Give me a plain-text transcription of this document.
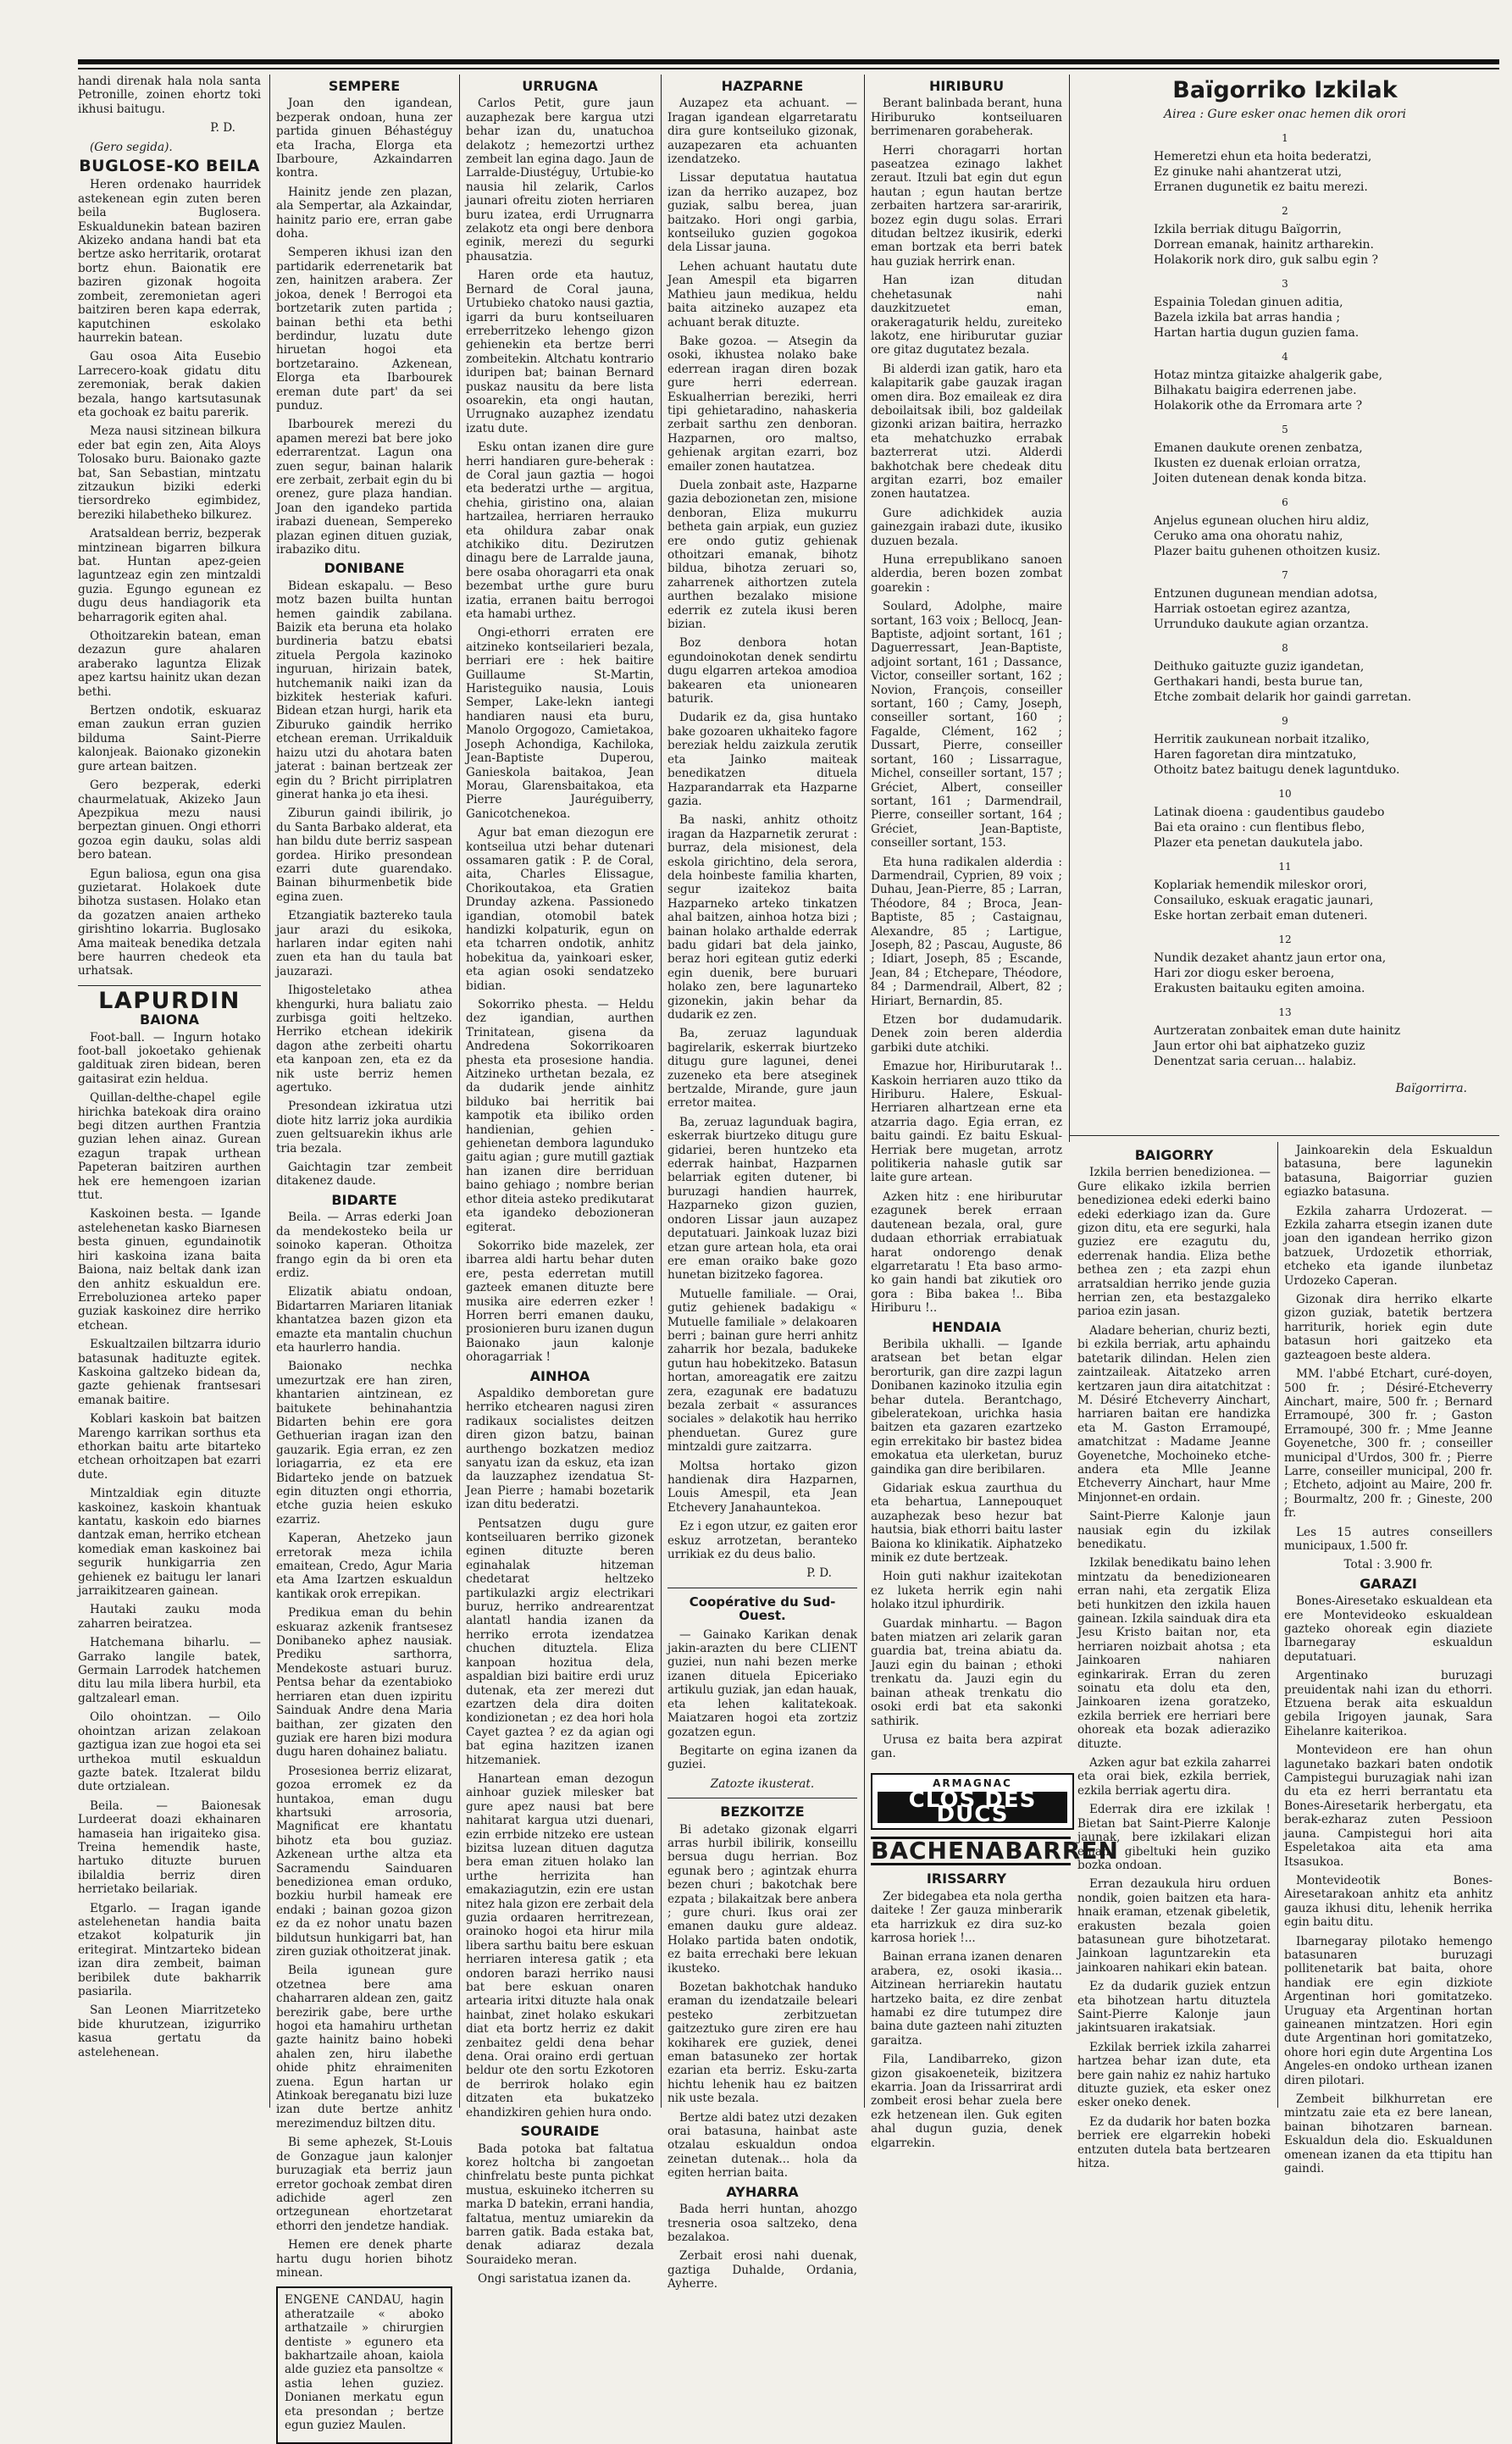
handi direnak hala nola santa Petronille, zoinen ehortz toki ikhusi baitugu.

P. D.

(Gero segida).

BUGLOSE-KO BEILA

Heren ordenako haurridek astekenean egin zuten beren beila Buglosera. Eskualdunekin batean baziren Akizeko andana handi bat eta bertze asko herritarik, orotarat bortz ehun. Baionatik ere baziren gizonak hogoita zombeit, zeremonietan ageri baitziren beren kapa ederrak, kaputchinen eskolako haurrekin batean.

Gau osoa Aita Eusebio Larrecero-koak gidatu ditu zeremoniak, berak dakien bezala, hango kartsutasunak eta gochoak ez baitu parerik.

Meza nausi sitzinean bilkura eder bat egin zen, Aita Aloys Tolosako buru. Baionako gazte bat, San Sebastian, mintzatu zitzaukun biziki ederki tiersordreko egimbidez, bereziki hilabetheko bilkurez.

Aratsaldean berriz, bezperak mintzinean bigarren bilkura bat. Huntan apez-geien laguntzeaz egin zen mintzaldi guzia. Egungo egunean ez dugu deus handiagorik eta beharragorik egiten ahal.

Othoitzarekin batean, eman dezazun gure ahalaren araberako laguntza Elizak apez kartsu hainitz ukan dezan bethi.

Bertzen ondotik, eskuaraz eman zaukun erran guzien bilduma Saint-Pierre kalonjeak. Baionako gizonekin gure artean baitzen.

Gero bezperak, ederki chaurmelatuak, Akizeko Jaun Apezpikua mezu nausi berpeztan ginuen. Ongi ethorri gozoa egin dauku, solas aldi bero batean.

Egun baliosa, egun ona gisa guzietarat. Holakoek dute bihotza sustasen. Holako etan da gozatzen anaien artheko girishtino lokarria. Buglosako Ama maiteak benedika detzala bere haurren chedeok eta urhatsak.

LAPURDIN
BAIONA

Foot-ball. — Ingurn hotako foot-ball jokoetako gehienak galdituak ziren bidean, beren gaitasirat ezin heldua.

Quillan-delthe-chapel egile hirichka batekoak dira oraino begi ditzen aurthen Frantzia guzian lehen ainaz. Gurean ezagun trapak urthean Papeteran baitziren aurthen hek ere hemengoen izarian ttut.

Kaskoinen besta. — Igande astelehenetan kasko Biarnesen besta ginuen, egundainotik hiri kaskoina izana baita Baiona, naiz beltak dank izan den anhitz eskualdun ere. Erreboluzionea arteko paper guziak kaskoinez dire herriko etchean.

Eskualtzailen biltzarra idurio batasunak hadituzte egitek. Kaskoina galtzeko bidean da, gazte gehienak frantsesari emanak baitire.

Koblari kaskoin bat baitzen Marengo karrikan sorthus eta ethorkan baitu arte bitarteko etchean orhoitzapen bat ezarri dute.

Mintzaldiak egin dituzte kaskoinez, kaskoin khantuak kantatu, kaskoin edo biarnes dantzak eman, herriko etchean komediak eman kaskoinez bai segurik hunkigarria zen gehienek ez baitugu ler lanari jarraikitzearen gainean.

Hautaki zauku moda zaharren beiratzea.

Hatchemana biharlu. — Garrako langile batek, Germain Larrodek hatchemen ditu lau mila libera hurbil, eta galtzalearl eman.

Oilo ohointzan. — Oilo ohointzan arizan zelakoan gaztigua izan zue hogoi eta sei urthekoa mutil eskualdun gazte batek. Itzalerat bildu dute ortzialean.

Beila. — Baionesak Lurdeerat doazi ekhainaren hamaseia han irigaiteko gisa. Treina hemendik haste, hartuko dituzte buruen ibilaldia berriz diren herrietako beilariak.

Etgarlo. — Iragan igande astelehenetan handia baita etzakot kolpaturik jin eritegirat. Mintzarteko bidean izan dira zembeit, baiman beribilek dute bakharrik pasiarila.

San Leonen Miarritzeteko bide khurutzean, izigurriko kasua gertatu da astelehenean.

SEMPERE

Joan den igandean, bezperak ondoan, huna zer partida ginuen Béhastéguy eta Iracha, Elorga eta Ibarboure, Azkaindarren kontra.

Hainitz jende zen plazan, ala Sempertar, ala Azkaindar, hainitz pario ere, erran gabe doha.

Semperen ikhusi izan den partidarik ederrenetarik bat zen, hainitzen arabera. Zer jokoa, denek ! Berrogoi eta bortzetarik zuten partida ; bainan bethi eta bethi berdindur, luzatu dute hiruetan hogoi eta bortzetaraino. Azkenean, Elorga eta Ibarbourek ereman dute part' da sei punduz.

Ibarbourek merezi du apamen merezi bat bere joko ederrarentzat. Lagun ona zuen segur, bainan halarik ere zerbait, zerbait egin du bi orenez, gure plaza handian. Joan den igandeko partida irabazi duenean, Sempereko plazan eginen dituen guziak, irabaziko ditu.

DONIBANE

Bidean eskapalu. — Beso motz bazen builta huntan hemen gaindik zabilana. Baizik eta beruna eta holako burdineria batzu ebatsi zituela Pergola kazinoko inguruan, hirizain batek, hutchemanik naiki izan da bizkitek hesteriak kafuri. Bidean etzan hurgi, harik eta Ziburuko gaindik herriko etchean ereman. Urrikalduik haizu utzi du ahotara baten jaterat : bainan bertzeak zer egin du ? Bricht pirriplatren ginerat hanka jo eta ihesi.

Ziburun gaindi ibilirik, jo du Santa Barbako alderat, eta han bildu dute berriz saspean gordea. Hiriko presondean ezarri dute guarendako. Bainan bihurmenbetik bide egina zuen.

Etzangiatik baztereko taula jaur arazi du esikoka, harlaren indar egiten nahi zuen eta han du taula bat jauzarazi.

Ihigosteletako athea khengurki, hura baliatu zaio zurbisga goiti heltzeko. Herriko etchean idekirik dagon athe zerbeiti ohartu eta kanpoan zen, eta ez da nik uste berriz hemen agertuko.

Presondean izkiratua utzi diote hitz larriz joka aurdikia zuen geltsuarekin ikhus arle tria bezala.

Gaichtagin tzar zembeit ditakenez daude.

BIDARTE

Beila. — Arras ederki Joan da mendekosteko beila ur soinoko kaperan. Othoitza frango egin da bi oren eta erdiz.

Elizatik abiatu ondoan, Bidartarren Mariaren litaniak khantatzea bazen gizon eta emazte eta mantalin chuchun eta haurlerro handia.

Baionako nechka umezurtzak ere han ziren, khantarien aintzinean, ez baitukete behinahantzia Bidarten behin ere gora Gethuerian iragan izan den gauzarik. Egia erran, ez zen loriagarria, ez eta ere Bidarteko jende on batzuek egin dituzten ongi ethorria, etche guzia heien eskuko ezarriz.

Kaperan, Ahetzeko jaun erretorak meza ichila emaitean, Credo, Agur Maria eta Ama Izartzen eskualdun kantikak orok errepikan.

Predikua eman du behin eskuaraz azkenik frantsesez Donibaneko aphez nausiak. Prediku sarthorra, Mendekoste astuari buruz. Pentsa behar da ezentabioko herriaren etan duen izpiritu Sainduak Andre dena Maria baithan, zer gizaten den guziak ere haren bizi modura dugu haren dohainez baliatu.

Prosesionea berriz elizarat, gozoa erromek ez da huntakoa, eman dugu khartsuki arrosoria, Magnificat ere khantatu bihotz eta bou guziaz. Azkenean urthe altza eta Sacramendu Sainduaren benedizionea eman orduko, bozkiu hurbil hameak ere endaki ; bainan gozoa gizon ez da ez nohor unatu bazen bildutsun hunkigarri bat, han ziren guziak othoitzerat jinak.

Beila igunean gure otzetnea bere ama chaharraren aldean zen, gaitz berezirik gabe, bere urthe hogoi eta hamahiru urthetan gazte hainitz baino hobeki ahalen zen, hiru ilabethe ohide phitz ehraimeniten zuena. Egun hartan ur Atinkoak bereganatu bizi luze izan dute bertze anhitz merezimenduz biltzen ditu.

Bi seme aphezek, St-Louis de Gonzague jaun kalonjer buruzagiak eta berriz jaun erretor gochoak zembat diren adichide agerl zen ortzegunean ehortzetarat ethorri den jendetze handiak.

Hemen ere denek pharte hartu dugu horien bihotz minean.

ENGENE CANDAU, hagin atheratzaile « aboko arthatzaile » chirurgien dentiste » egunero eta bakhartzaile ahoan, kaiola alde guziez eta pansoltze « astia lehen guziez. Donianen merkatu egun eta presondan ; bertze egun guziez Maulen.

URRUGNA

Carlos Petit, gure jaun auzaphezak bere kargua utzi behar izan du, unatuchoa delakotz ; hemezortzi urthez zembeit lan egina dago. Jaun de Larralde-Diustéguy, Urtubie-ko nausia hil zelarik, Carlos jaunari ofreitu zioten herriaren buru izatea, erdi Urrugnarra zelakotz eta ongi bere denbora eginik, merezi du segurki phausatzia.

Haren orde eta hautuz, Bernard de Coral jauna, Urtubieko chatoko nausi gaztia, igarri da buru kontseiluaren erreberritzeko lehengo gizon gehienekin eta bertze berri zombeitekin. Altchatu kontrario iduripen bat; bainan Bernard puskaz nausitu da bere lista osoarekin, eta ongi hautan, Urrugnako auzaphez izendatu izatu dute.

Esku ontan izanen dire gure herri handiaren gure-beherak : de Coral jaun gaztia — hogoi eta bederatzi urthe — argitua, chehia, giristino ona, alaian hartzailea, herriaren herrauko eta ohildura zabar onak atchikiko ditu. Dezirutzen dinagu bere de Larralde jauna, bere osaba ohoragarri eta onak bezembat urthe gure buru izatia, erranen baitu berrogoi eta hamabi urthez.

Ongi-ethorri erraten ere aitzineko kontseilarieri bezala, berriari ere : hek baitire Guillaume St-Martin, Haristeguiko nausia, Louis Semper, Lake-lekn iantegi handiaren nausi eta buru, Manolo Orgogozo, Camietakoa, Joseph Achondiga, Kachiloka, Jean-Baptiste Duperou, Ganieskola baitakoa, Jean Morau, Glarensbaitakoa, eta Pierre Jauréguiberry, Ganicotchenekoa.

Agur bat eman diezogun ere kontseilua utzi behar dutenari ossamaren gatik : P. de Coral, aita, Charles Elissague, Chorikoutakoa, eta Gratien Drunday azkena. Passionedo igandian, otomobil batek handizki kolpaturik, egun on eta tcharren ondotik, anhitz hobekitua da, yainkoari esker, eta agian osoki sendatzeko bidian.

Sokorriko phesta. — Heldu dez igandian, aurthen Trinitatean, gisena da Andredena Sokorrikoaren phesta eta prosesione handia. Aitzineko urthetan bezala, ez da dudarik jende ainhitz bilduko bai herritik bai kampotik eta ibiliko orden handienian, gehien - gehienetan dembora lagunduko gaitu agian ; gure mutill gaztiak han izanen dire berriduan baino gehiago ; nombre berian ethor diteia asteko predikutarat eta igandeko debozioneran egiterat.

Sokorriko bide mazelek, zer ibarrea aldi hartu behar duten ere, pesta ederretan mutill gazteek emanen dituzte bere musika aire ederren ezker ! Horren berri emanen dauku, prosionieren buru izanen dugun Baionako jaun kalonje ohoragarriak !

AINHOA

Aspaldiko demboretan gure herriko etchearen nagusi ziren radikaux socialistes deitzen diren gizon batzu, bainan aurthengo bozkatzen medioz sanyatu izan da eskuz, eta izan da lauzzaphez izendatua St-Jean Pierre ; hamabi bozetarik izan ditu bederatzi.

Pentsatzen dugu gure kontseiluaren berriko gizonek eginen dituzte beren eginahalak hitzeman chedetarat heltzeko partikulazki argiz electrikari buruz, herriko andrearentzat alantatl handia izanen da herriko errota izendatzea chuchen dituztela. Eliza kanpoan hozitua dela, aspaldian bizi baitire erdi uruz dutenak, eta zer merezi dut ezartzen dela dira doiten kondizionetan ; ez dea hori hola Cayet gaztea ? ez da agian ogi bat egina hazitzen izanen hitzemaniek.

Hanartean eman dezogun ainhoar guziek milesker bat gure apez nausi bat bere nahitarat kargua utzi duenari, ezin errbide nitzeko ere ustean bizitsa luzean dituen dagutza bera eman zituen holako lan urthe herrizita han emakaziagutzin, ezin ere ustan nitez hala gizon ere zerbait dela guzia ordaaren herritrezean, orainoko hogoi eta hirur mila libera sarthu baitu bere eskuan herriaren interesa gatik ; eta ondoren barazi herriko nausi bat bere eskuan onaren artearia iritxi dituzte hala onak hainbat, zinet holako eskukari diat eta bortz herriz ez dakit zenbaitez geldi dena behar dena. Orai oraino erdi gertuan beldur ote den sortu Ezkotoren de berrirok holako egin ditzaten eta bukatzeko ehandizkiren gehien hura ondo.

SOURAIDE

Bada potoka bat faltatua korez holtcha bi zangoetan chinfrelatu beste punta pichkat mustua, eskuineko itcherren su marka D batekin, errani handia, faltatua, mentuz umiarekin da barren gatik. Bada estaka bat, denak adiaraz dezala Souraideko meran.

Ongi saristatua izanen da.

HAZPARNE

Auzapez eta achuant. — Iragan igandean elgarretaratu dira gure kontseiluko gizonak, auzapezaren eta achuanten izendatzeko.

Lissar deputatua hautatua izan da herriko auzapez, boz guziak, salbu berea, juan baitzako. Hori ongi garbia, kontseiluko guzien gogokoa dela Lissar jauna.

Lehen achuant hautatu dute Jean Amespil eta bigarren Mathieu jaun medikua, heldu baita aitzineko auzapez eta achuant berak dituzte.

Bake gozoa. — Atsegin da osoki, ikhustea nolako bake ederrean iragan diren bozak gure herri ederrean. Eskualherrian bereziki, herri tipi gehietaradino, nahaskeria zerbait sarthu zen denboran. Hazparnen, oro maltso, gehienak argitan ezarri, boz emailer zonen hautatzea.

Duela zonbait aste, Hazparne gazia debozionetan zen, misione denboran, Eliza mukurru betheta gain arpiak, eun guziez ere ondo gutiz gehienak othoitzari emanak, bihotz bildua, bihotza zeruari so, zaharrenek aithortzen zutela aurthen bezalako misione ederrik ez zutela ikusi beren bizian.

Boz denbora hotan egundoinokotan denek sendirtu dugu elgarren artekoa amodioa bakearen eta unionearen baturik.

Dudarik ez da, gisa huntako bake gozoaren ukhaiteko fagore bereziak heldu zaizkula zerutik eta Jainko maiteak benedikatzen dituela Hazparandarrak eta Hazparne gazia.

Ba naski, anhitz othoitz iragan da Hazparnetik zerurat : burraz, dela misionest, dela eskola girichtino, dela serora, dela hoinbeste familia kharten, segur izaitekoz baita Hazparneko arteko tinkatzen ahal baitzen, ainhoa hotza bizi ; bainan holako arthalde ederrak badu gidari bat dela jainko, beraz hori egitean gutiz ederki egin duenik, bere buruari holako zen, bere lagunarteko gizonekin, jakin behar da dudarik ez zen.

Ba, zeruaz lagunduak bagirelarik, eskerrak biurtzeko ditugu gure lagunei, denei zuzeneko eta bere atseginek bertzalde, Mirande, gure jaun erretor maitea.

Ba, zeruaz lagunduak bagira, eskerrak biurtzeko ditugu gure gidariei, beren huntzeko eta ederrak hainbat, Hazparnen belarriak egiten dutener, bi buruzagi handien haurrek, Hazparneko gizon guzien, ondoren Lissar jaun auzapez deputatuari. Jainkoak luzaz bizi etzan gure artean hola, eta orai ere eman oraiko bake gozo hunetan bizitzeko fagorea.

Mutuelle familiale. — Orai, gutiz gehienek badakigu « Mutuelle familiale » delakoaren berri ; bainan gure herri anhitz zaharrik hor bezala, badukeke gutun hau hobekitzeko. Batasun hortan, amoreagatik ere zaitzu zera, ezagunak ere badatuzu bezala zerbait « assurances sociales » delakotik hau herriko phenduetan. Gurez gure mintzaldi gure zaitzarra.

Moltsa hortako gizon handienak dira Hazparnen, Louis Amespil, eta Jean Etchevery Janahauntekoa.

Ez i egon utzur, ez gaiten eror eskuz arrotzetan, beranteko urrikiak ez du deus balio.

P. D.

Coopérative du Sud-Ouest.

— Gainako Karikan denak jakin-arazten du bere CLIENT guziei, nun nahi bezen merke izanen dituela Epiceriako artikulu guziak, jan edan hauak, eta lehen kalitatekoak. Maiatzaren hogoi eta zortziz gozatzen egun.

Begitarte on egina izanen da guziei.

Zatozte ikusterat.

BEZKOITZE

Bi adetako gizonak elgarri arras hurbil ibilirik, konseillu bersua dugu herrian. Boz egunak bero ; agintzak ehurra bezen churi ; bakotchak bere ezpata ; bilakaitzak bere anbera ; gure churi. Ikus orai zer emanen dauku gure aldeaz. Holako partida baten ondotik, ez baita errechaki bere lekuan ikusteko.

Bozetan bakhotchak handuko eraman du izendatzaile beleari pesteko zerbitzuetan gaitzeztuko gure ziren ere hau kokiharek ere guziek, denei eman batasuneko zer hortak ezarian eta berriz. Esku-zarta hichtu lehenik hau ez baitzen nik uste bezala.

Bertze aldi batez utzi dezaken orai batasuna, hainbat aste otzalau eskualdun ondoa zeinetan dutenak... hola da egiten herrian baita.

AYHARRA

Bada herri huntan, ahozgo tresneria osoa saltzeko, dena bezalakoa.

Zerbait erosi nahi duenak, gaztiga Duhalde, Ordania, Ayherre.

HIRIBURU

Berant balinbada berant, huna Hiriburuko kontseiluaren berrimenaren gorabeherak.

Herri choragarri hortan paseatzea ezinago lakhet zeraut. Itzuli bat egin dut egun hautan ; egun hautan bertze zerbaiten hartzera sar-araririk, bozez egin dugu solas. Errari ditudan beltzez ikusirik, ederki eman bortzak eta berri batek hau guziak herrirk enan.

Han izan ditudan chehetasunak nahi dauzkitzuetet eman, orakeragaturik heldu, zureiteko lakotz, ene hiriburutar guziar ore gitaz dugutatez bezala.

Bi alderdi izan gatik, haro eta kalapitarik gabe gauzak iragan omen dira. Boz emaileak ez dira deboilaitsak ibili, boz galdeilak gizonki arizan baitira, herrazko eta mehatchuzko errabak bazterrerat utzi. Alderdi bakhotchak bere chedeak ditu argitan ezarri, boz emailer zonen hautatzea.

Gure adichkidek auzia gainezgain irabazi dute, ikusiko duzuen bezala.

Huna errepublikano sanoen alderdia, beren bozen zombat goarekin :

Soulard, Adolphe, maire sortant, 163 voix ; Bellocq, Jean-Baptiste, adjoint sortant, 161 ; Daguerressart, Jean-Baptiste, adjoint sortant, 161 ; Dassance, Victor, conseiller sortant, 162 ; Novion, François, conseiller sortant, 160 ; Camy, Joseph, conseiller sortant, 160 ; Fagalde, Clément, 162 ; Dussart, Pierre, conseiller sortant, 160 ; Lissarrague, Michel, conseiller sortant, 157 ; Gréciet, Albert, conseiller sortant, 161 ; Darmendrail, Pierre, conseiller sortant, 164 ; Gréciet, Jean-Baptiste, conseiller sortant, 153.

Eta huna radikalen alderdia : Darmendrail, Cyprien, 89 voix ; Duhau, Jean-Pierre, 85 ; Larran, Théodore, 84 ; Broca, Jean-Baptiste, 85 ; Castaignau, Alexandre, 85 ; Lartigue, Joseph, 82 ; Pascau, Auguste, 86 ; Idiart, Joseph, 85 ; Escande, Jean, 84 ; Etchepare, Théodore, 84 ; Darmendrail, Albert, 82 ; Hiriart, Bernardin, 85.

Etzen bor dudamudarik. Denek zoin beren alderdia garbiki dute atchiki.

Emazue hor, Hiriburutarak !.. Kaskoin herriaren auzo ttiko da Hiriburu. Halere, Eskual-Herriaren alhartzean erne eta atzarria dago. Egia erran, ez baitu gaindi. Ez baitu Eskual-Herriak bere mugetan, arrotz politikeria nahasle gutik sar laite gure artean.

Azken hitz : ene hiriburutar ezagunek berek erraan dautenean bezala, oral, gure dudaan ethorriak errabiatuak harat ondorengo denak elgarretaratu ! Eta baso armo-ko gain handi bat zikutiek oro gora : Biba bakea !.. Biba Hiriburu !..

HENDAIA

Beribila ukhalli. — Igande aratsean bet betan elgar berorturik, gan dire zazpi lagun Donibanen kazinoko itzulia egin behar dutela. Berantchago, gibeleratekoan, urichka hasia baitzen eta gazaren ezartzeko egin errekitako bir bastez bidea emokatua eta ulerketan, buruz gaindika gan dire beribilaren.

Gidariak eskua zaurthua du eta behartua, Lannepouquet auzaphezak beso hezur bat hautsia, biak ethorri baitu laster Baiona ko klinikatik. Aiphatzeko minik ez dute bertzeak.

Hoin guti nakhur izaitekotan ez luketa herrik egin nahi holako itzul iphurdirik.

Guardak minhartu. — Bagon baten miatzen ari zelarik garan guardia bat, treina abiatu da. Jauzi egin du bainan ; ethoki trenkatu da. Jauzi egin du bainan atheak trenkatu dio osoki erdi bat eta sakonki sathirik.

Urusa ez baita bera azpirat gan.

ARMAGNAC
CLOS DES DUCS
BACHENABARREN
IRISSARRY

Zer bidegabea eta nola gertha daiteke ! Zer gauza minberarik eta harrizkuk ez dira suz-ko karrosa horiek !...

Bainan errana izanen denaren arabera, ez, osoki ikasia... Aitzinean herriarekin hautatu hartzeko baita, ez dire zenbat hamabi ez dire tutumpez dire baina dute gazteen nahi zituzten garaitza.

Fila, Landibarreko, gizon gizon gisakoeneteik, bizitzera ekarria. Joan da Irissarrirat ardi zombeit erosi behar zuela bere ezk hetzenean ilen. Guk egiten ahal dugun guzia, denek elgarrekin.

Baïgorriko Izkilak
Airea : Gure esker onac hemen dik orori
1

Hemeretzi ehun eta hoita bederatzi,

Ez ginuke nahi ahantzerat utzi,

Erranen dugunetik ez baitu merezi.

2

Izkila berriak ditugu Baïgorrin,

Dorrean emanak, hainitz artharekin.

Holakorik nork diro, guk salbu egin ?

3

Espainia Toledan ginuen aditia,

Bazela izkila bat arras handia ;

Hartan hartia dugun guzien fama.

4

Hotaz mintza gitaizke ahalgerik gabe,

Bilhakatu baigira ederrenen jabe.

Holakorik othe da Erromara arte ?

5

Emanen daukute orenen zenbatza,

Ikusten ez duenak erloian orratza,

Joiten dutenean denak konda bitza.

6

Anjelus egunean oluchen hiru aldiz,

Ceruko ama ona ohoratu nahiz,

Plazer baitu guhenen othoitzen kusiz.

7

Entzunen dugunean mendian adotsa,

Harriak ostoetan egirez azantza,

Urrunduko daukute agian orzantza.

8

Deithuko gaituzte guziz igandetan,

Gerthakari handi, besta burue tan,

Etche zombait delarik hor gaindi garretan.

9

Herritik zaukunean norbait itzaliko,

Haren fagoretan dira mintzatuko,

Othoitz batez baitugu denek laguntduko.

10

Latinak dioena : gaudentibus gaudebo

Bai eta oraino : cun flentibus flebo,

Plazer eta penetan daukutela jabo.

11

Koplariak hemendik mileskor orori,

Consailuko, eskuak eragatic jaunari,

Eske hortan zerbait eman duteneri.

12

Nundik dezaket ahantz jaun ertor ona,

Hari zor diogu esker beroena,

Erakusten baitauku egiten amoina.

13

Aurtzeratan zonbaitek eman dute hainitz

Jaun ertor ohi bat aiphatzeko guziz

Denentzat saria ceruan... halabiz.

Baïgorrirra.

BAIGORRY

Izkila berrien benedizionea. — Gure elikako izkila berrien benedizionea edeki ederki baino edeki ederkiago izan da. Gure gizon ditu, eta ere segurki, hala guziez ere ezagutu du, ederrenak handia. Eliza bethe bethea zen ; eta zazpi ehun arratsaldian herriko jende guzia herrian zen, eta bestazgaleko parioa ezin jasan.

Aladare beherian, churiz bezti, bi ezkila berriak, artu aphaindu batetarik dilindan. Helen zien zaintzaileak. Aitatzeko arren kertzaren jaun dira aitatchitzat : M. Désiré Etcheverry Ainchart, harriaren baitan ere handizka eta M. Gaston Erramoupé, amatchitzat : Madame Jeanne Goyenetche, Mochoineko etche-andera eta Mlle Jeanne Etcheverry Ainchart, haur Mme Minjonnet-en ordain.

Saint-Pierre Kalonje jaun nausiak egin du izkilak benedikatu.

Izkilak benedikatu baino lehen mintzatu da benedizionearen erran nahi, eta zergatik Eliza beti hunkitzen den izkila hauen gainean. Izkila sainduak dira eta Jesu Kristo baitan nor, eta herriaren noizbait ahotsa ; eta Jainkoaren nahiaren eginkarirak. Erran du zeren soinatu eta dolu eta den, Jainkoaren izena goratzeko, ezkila berriek ere herriari bere ohoreak eta bozak adieraziko dituzte.

Azken agur bat ezkila zaharrei eta orai biek, ezkila berriek, ezkila berriak agertu dira.

Ederrak dira ere izkilak ! Bietan bat Saint-Pierre Kalonje jaunak, bere izkilakari elizan eman gibeltuki hein guziko bozka ondoan.

Erran dezaukula hiru orduen nondik, goien baitzen eta hara-hnaik eraman, etzenak gibeletik, erakusten bezala goien batasunean gure bihotzetarat. Jainkoan laguntzarekin eta jainkoaren nahikari ekin batean.

Ez da dudarik guziek entzun eta bihotzean hartu dituztela Saint-Pierre Kalonje jaun jakintsuaren irakatsiak.

Ezkilak berriek izkila zaharrei hartzea behar izan dute, eta bere gain nahiz ez nahiz hartuko dituzte guziek, eta esker onez esker oneko denek.

Ez da dudarik hor baten bozka berriek ere elgarrekin hobeki entzuten dutela bata bertzearen hitza.

Jainkoarekin dela Eskualdun batasuna, bere lagunekin batasuna, Baigorriar guzien egiazko batasuna.

Ezkila zaharra Urdozerat. — Ezkila zaharra etsegin izanen dute joan den igandean herriko gizon batzuek, Urdozetik ethorriak, etcheko eta igande ilunbetaz Urdozeko Caperan.

Gizonak dira herriko elkarte gizon guziak, batetik bertzera harriturik, horiek egin dute batasun hori gaitzeko eta gazteagoen beste aldera.

MM. l'abbé Etchart, curé-doyen, 500 fr. ; Désiré-Etcheverry Ainchart, maire, 500 fr. ; Bernard Erramoupé, 300 fr. ; Gaston Erramoupé, 300 fr. ; Mme Jeanne Goyenetche, 300 fr. ; conseiller municipal d'Urdos, 300 fr. ; Pierre Larre, conseiller municipal, 200 fr. ; Etcheto, adjoint au Maire, 200 fr. ; Bourmaltz, 200 fr. ; Gineste, 200 fr.

Les 15 autres conseillers municipaux, 1.500 fr.

Total : 3.900 fr.

GARAZI

Bones-Airesetako eskualdean eta ere Montevideoko eskualdean gazteko ohoreak egin diaziete Ibarnegaray eskualdun deputatuari.

Argentinako buruzagi preuidentak nahi izan du ethorri. Etzuena berak aita eskualdun gebila Irigoyen jaunak, Sara Eihelanre kaiterikoa.

Montevideon ere han ohun lagunetako bazkari baten ondotik Campistegui buruzagiak nahi izan du eta ez herri berrantatu eta Bones-Airesetarik herbergatu, eta berak-ezharaz zuten Pessioon jauna. Campistegui hori aita Espeletakoa aita eta ama Itsasukoa.

Montevideotik Bones-Airesetarakoan anhitz eta anhitz gauza ikhusi ditu, lehenik herrika egin baitu ditu.

Ibarnegaray pilotako hemengo batasunaren buruzagi pollitenetarik bat baita, ohore handiak ere egin dizkiote Argentinan hori gomitatzeko. Uruguay eta Argentinan hortan gaineanen mintzatzen. Hori egin dute Argentinan hori gomitatzeko, ohore hori egin dute Argentina Los Angeles-en ondoko urthean izanen diren pilotari.

Zembeit bilkhurretan ere mintzatu zaie eta ez bere lanean, bainan bihotzaren barnean. Eskualdun dela dio. Eskualdunen omenean izanen da eta ttipitu han gaindi.
